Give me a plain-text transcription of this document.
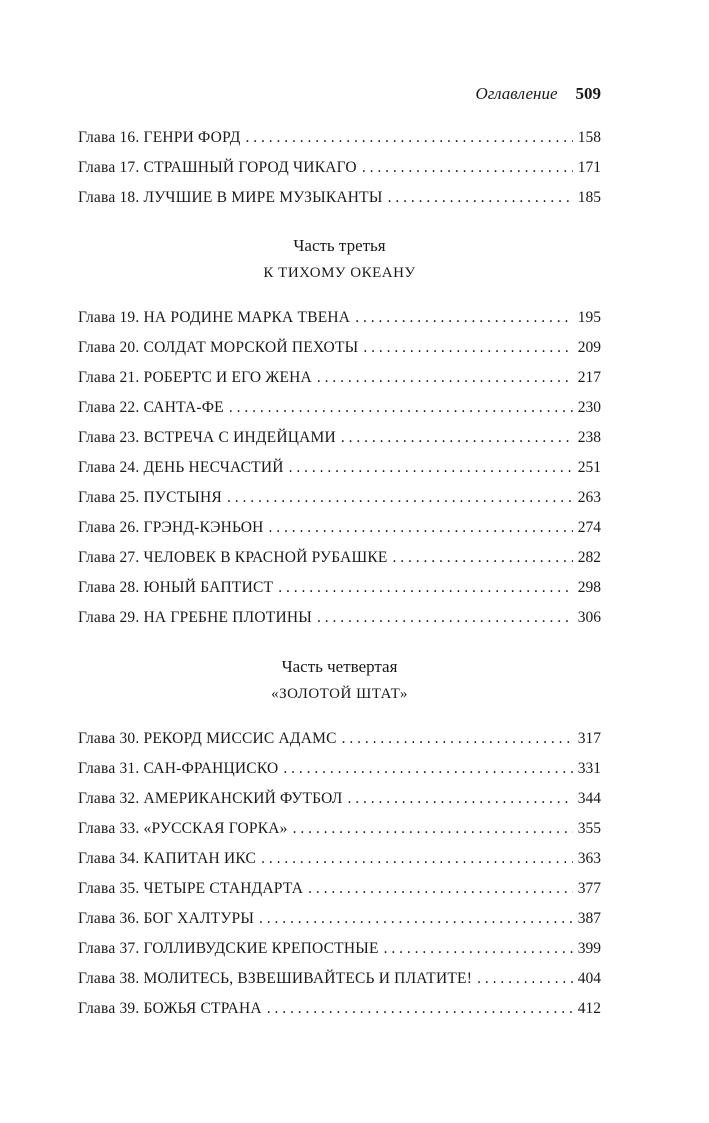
Оглавление 509
Глава 16. ГЕНРИ ФОРД . . .	158
Глава 17. СТРАШНЫЙ ГОРОД ЧИКАГО . . .	171
Глава 18. ЛУЧШИЕ В МИРЕ МУЗЫКАНТЫ . . .	185
Часть третья
К ТИХОМУ ОКЕАНУ
Глава 19. НА РОДИНЕ МАРКА ТВЕНА . . .	195
Глава 20. СОЛДАТ МОРСКОЙ ПЕХОТЫ . . .	209
Глава 21. РОБЕРТС И ЕГО ЖЕНА . . .	217
Глава 22. САНТА-ФЕ . . .	230
Глава 23. ВСТРЕЧА С ИНДЕЙЦАМИ . . .	238
Глава 24. ДЕНЬ НЕСЧАСТИЙ . . .	251
Глава 25. ПУСТЫНЯ . . .	263
Глава 26. ГРЭНД-КЭНЬОН . . .	274
Глава 27. ЧЕЛОВЕК В КРАСНОЙ РУБАШКЕ . . .	282
Глава 28. ЮНЫЙ БАПТИСТ . . .	298
Глава 29. НА ГРЕБНЕ ПЛОТИНЫ . . .	306
Часть четвертая
«ЗОЛОТОЙ ШТАТ»
Глава 30. РЕКОРД МИССИС АДАМС . . .	317
Глава 31. САН-ФРАНЦИСКО . . .	331
Глава 32. АМЕРИКАНСКИЙ ФУТБОЛ . . .	344
Глава 33. «РУССКАЯ ГОРКА» . . .	355
Глава 34. КАПИТАН ИКС . . .	363
Глава 35. ЧЕТЫРЕ СТАНДАРТА . . .	377
Глава 36. БОГ ХАЛТУРЫ . . .	387
Глава 37. ГОЛЛИВУДСКИЕ КРЕПОСТНЫЕ . . .	399
Глава 38. МОЛИТЕСЬ, ВЗВЕШИВАЙТЕСЬ И ПЛАТИТЕ! . . .	404
Глава 39. БОЖЬЯ СТРАНА . . .	412
